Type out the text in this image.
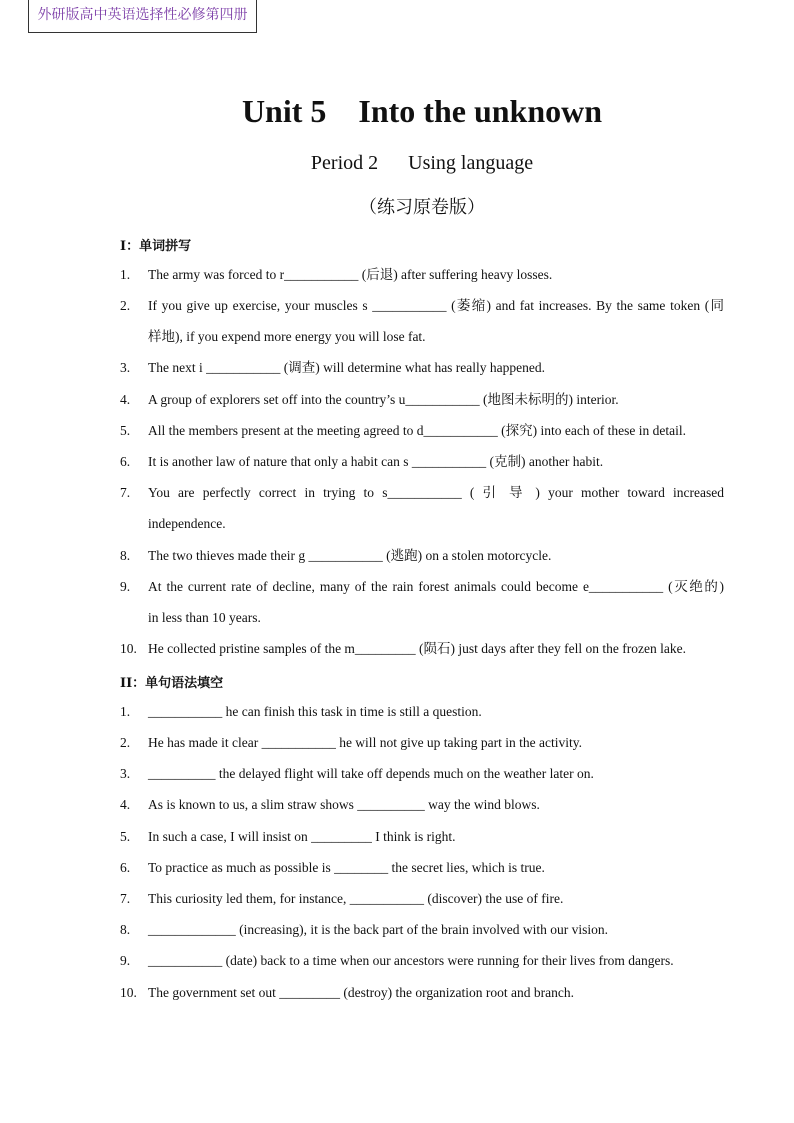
外研版高中英语选择性必修第四册
Unit 5    Into the unknown
Period 2      Using language
（练习原卷版）
I：单词拼写
1. The army was forced to r___________ (后退) after suffering heavy losses.
2. If you give up exercise, your muscles s ___________ (萎缩) and fat increases. By the same token (同
样地), if you expend more energy you will lose fat.
3. The next i ___________ (调查) will determine what has really happened.
4. A group of explorers set off into the country’s u___________ (地图未标明的) interior.
5. All the members present at the meeting agreed to d___________ (探究) into each of these in detail.
6. It is another law of nature that only a habit can s ___________ (克制) another habit.
7. You are perfectly correct in trying to s___________ ( 引 导 ) your mother toward increased
independence.
8. The two thieves made their g ___________ (逃跑) on a stolen motorcycle.
9. At the current rate of decline, many of the rain forest animals could become e___________ (灭绝的)
in less than 10 years.
10. He collected pristine samples of the m_________ (陨石) just days after they fell on the frozen lake.
II：单句语法填空
1. ___________ he can finish this task in time is still a question.
2. He has made it clear ___________ he will not give up taking part in the activity.
3. __________ the delayed flight will take off depends much on the weather later on.
4. As is known to us, a slim straw shows __________ way the wind blows.
5. In such a case, I will insist on _________ I think is right.
6. To practice as much as possible is ________ the secret lies, which is true.
7. This curiosity led them, for instance, ___________ (discover) the use of fire.
8. _____________ (increasing), it is the back part of the brain involved with our vision.
9. ___________ (date) back to a time when our ancestors were running for their lives from dangers.
10. The government set out _________ (destroy) the organization root and branch.
